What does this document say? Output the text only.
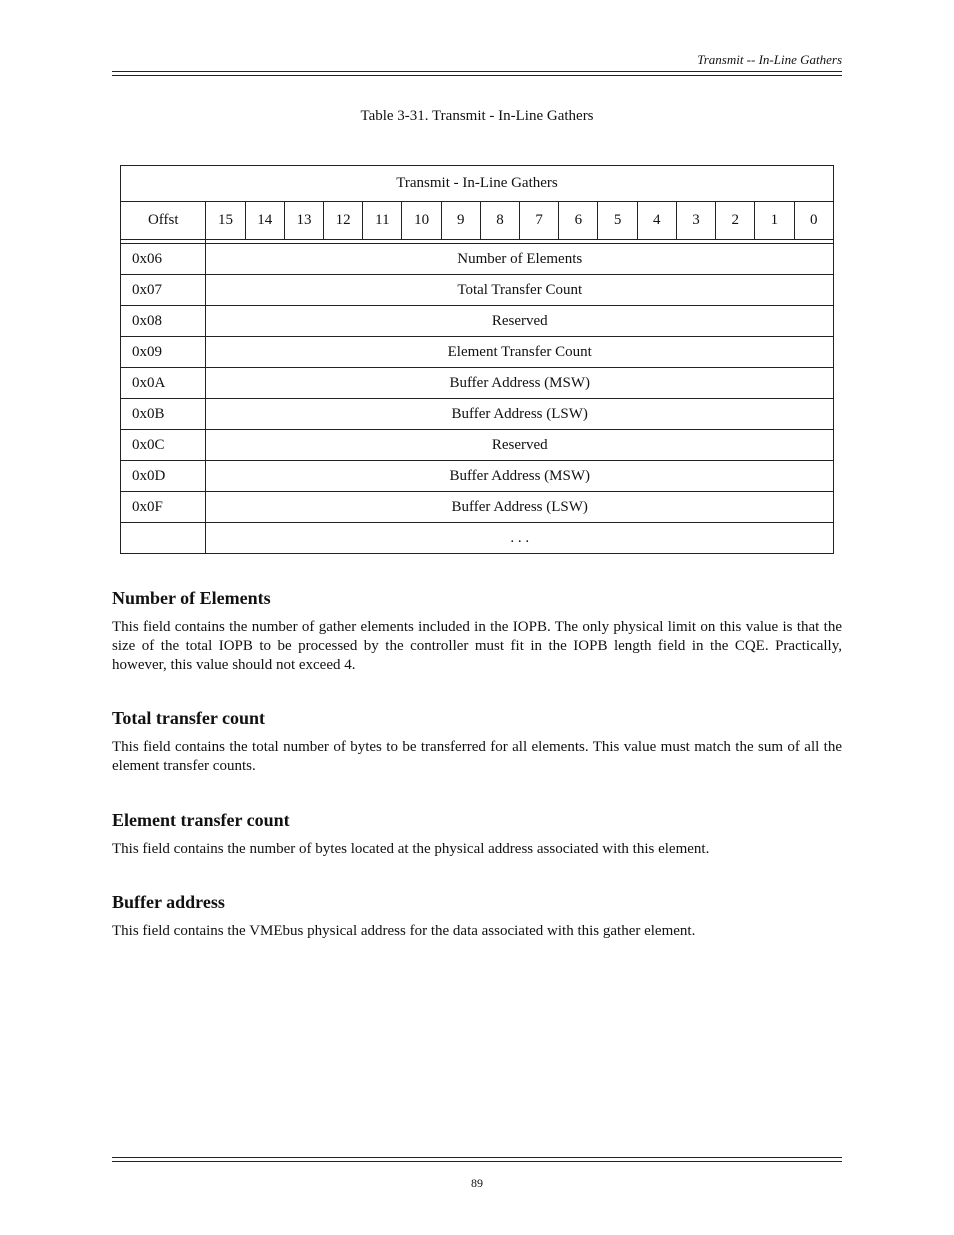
Transmit -- In-Line Gathers
Table 3-31. Transmit - In-Line Gathers
Transmit - In-Line Gathers																
Offst	15	14	13	12	11	10	9	8	7	6	5	4	3	2	1	0

0x06	Number of Elements															
0x07	Total Transfer Count															
0x08	Reserved															
0x09	Element Transfer Count															
0x0A	Buffer Address (MSW)															
0x0B	Buffer Address (LSW)															
0x0C	Reserved															
0x0D	Buffer Address (MSW)															
0x0F	Buffer Address (LSW)															
	. . .															
Number of Elements

This field contains the number of gather elements included in the IOPB. The only physical limit on this value is that the size of the total IOPB to be processed by the controller must fit in the IOPB length field in the CQE. Practically, however, this value should not exceed 4.

Total transfer count

This field contains the total number of bytes to be transferred for all elements. This value must match the sum of all the element transfer counts.

Element transfer count

This field contains the number of bytes located at the physical address associated with this element.

Buffer address

This field contains the VMEbus physical address for the data associated with this gather element.

89
